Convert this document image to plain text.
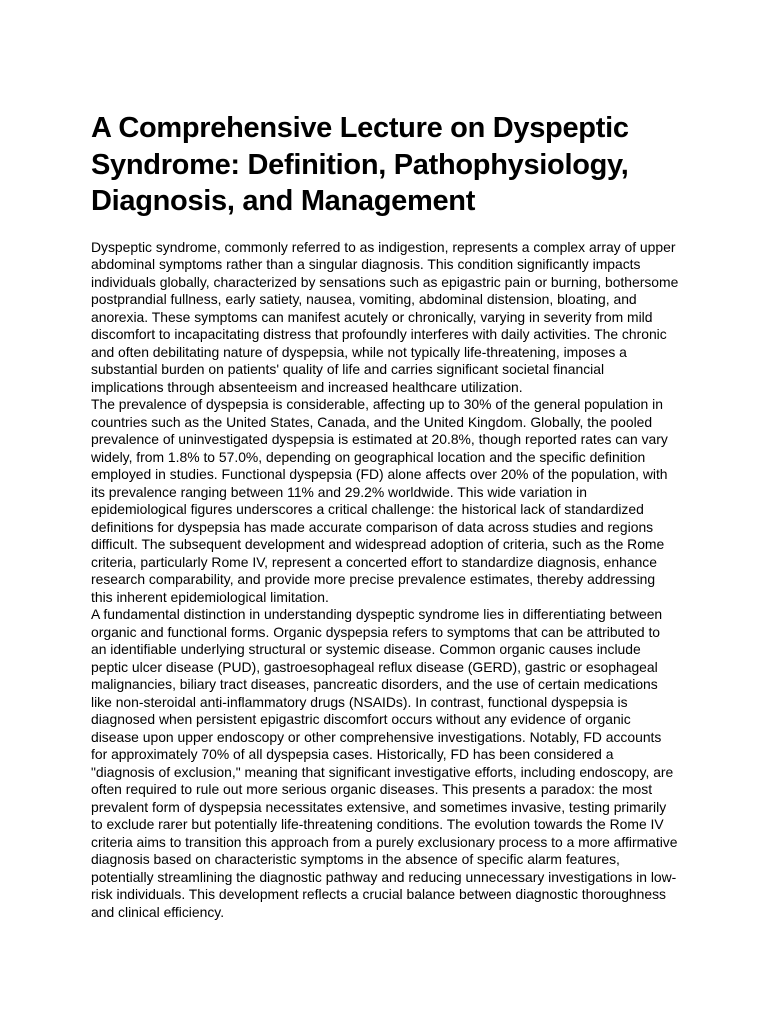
A Comprehensive Lecture on Dyspeptic Syndrome: Definition, Pathophysiology, Diagnosis, and Management

Dyspeptic syndrome, commonly referred to as indigestion, represents a complex array of upper abdominal symptoms rather than a singular diagnosis. This condition significantly impacts individuals globally, characterized by sensations such as epigastric pain or burning, bothersome postprandial fullness, early satiety, nausea, vomiting, abdominal distension, bloating, and anorexia. These symptoms can manifest acutely or chronically, varying in severity from mild discomfort to incapacitating distress that profoundly interferes with daily activities. The chronic and often debilitating nature of dyspepsia, while not typically life-threatening, imposes a substantial burden on patients' quality of life and carries significant societal financial implications through absenteeism and increased healthcare utilization.

The prevalence of dyspepsia is considerable, affecting up to 30% of the general population in countries such as the United States, Canada, and the United Kingdom. Globally, the pooled prevalence of uninvestigated dyspepsia is estimated at 20.8%, though reported rates can vary widely, from 1.8% to 57.0%, depending on geographical location and the specific definition employed in studies. Functional dyspepsia (FD) alone affects over 20% of the population, with its prevalence ranging between 11% and 29.2% worldwide. This wide variation in epidemiological figures underscores a critical challenge: the historical lack of standardized definitions for dyspepsia has made accurate comparison of data across studies and regions difficult. The subsequent development and widespread adoption of criteria, such as the Rome criteria, particularly Rome IV, represent a concerted effort to standardize diagnosis, enhance research comparability, and provide more precise prevalence estimates, thereby addressing this inherent epidemiological limitation.

A fundamental distinction in understanding dyspeptic syndrome lies in differentiating between organic and functional forms. Organic dyspepsia refers to symptoms that can be attributed to an identifiable underlying structural or systemic disease. Common organic causes include peptic ulcer disease (PUD), gastroesophageal reflux disease (GERD), gastric or esophageal malignancies, biliary tract diseases, pancreatic disorders, and the use of certain medications like non-steroidal anti-inflammatory drugs (NSAIDs). In contrast, functional dyspepsia is diagnosed when persistent epigastric discomfort occurs without any evidence of organic disease upon upper endoscopy or other comprehensive investigations. Notably, FD accounts for approximately 70% of all dyspepsia cases. Historically, FD has been considered a "diagnosis of exclusion," meaning that significant investigative efforts, including endoscopy, are often required to rule out more serious organic diseases. This presents a paradox: the most prevalent form of dyspepsia necessitates extensive, and sometimes invasive, testing primarily to exclude rarer but potentially life-threatening conditions. The evolution towards the Rome IV criteria aims to transition this approach from a purely exclusionary process to a more affirmative diagnosis based on characteristic symptoms in the absence of specific alarm features, potentially streamlining the diagnostic pathway and reducing unnecessary investigations in low-risk individuals. This development reflects a crucial balance between diagnostic thoroughness and clinical efficiency.
